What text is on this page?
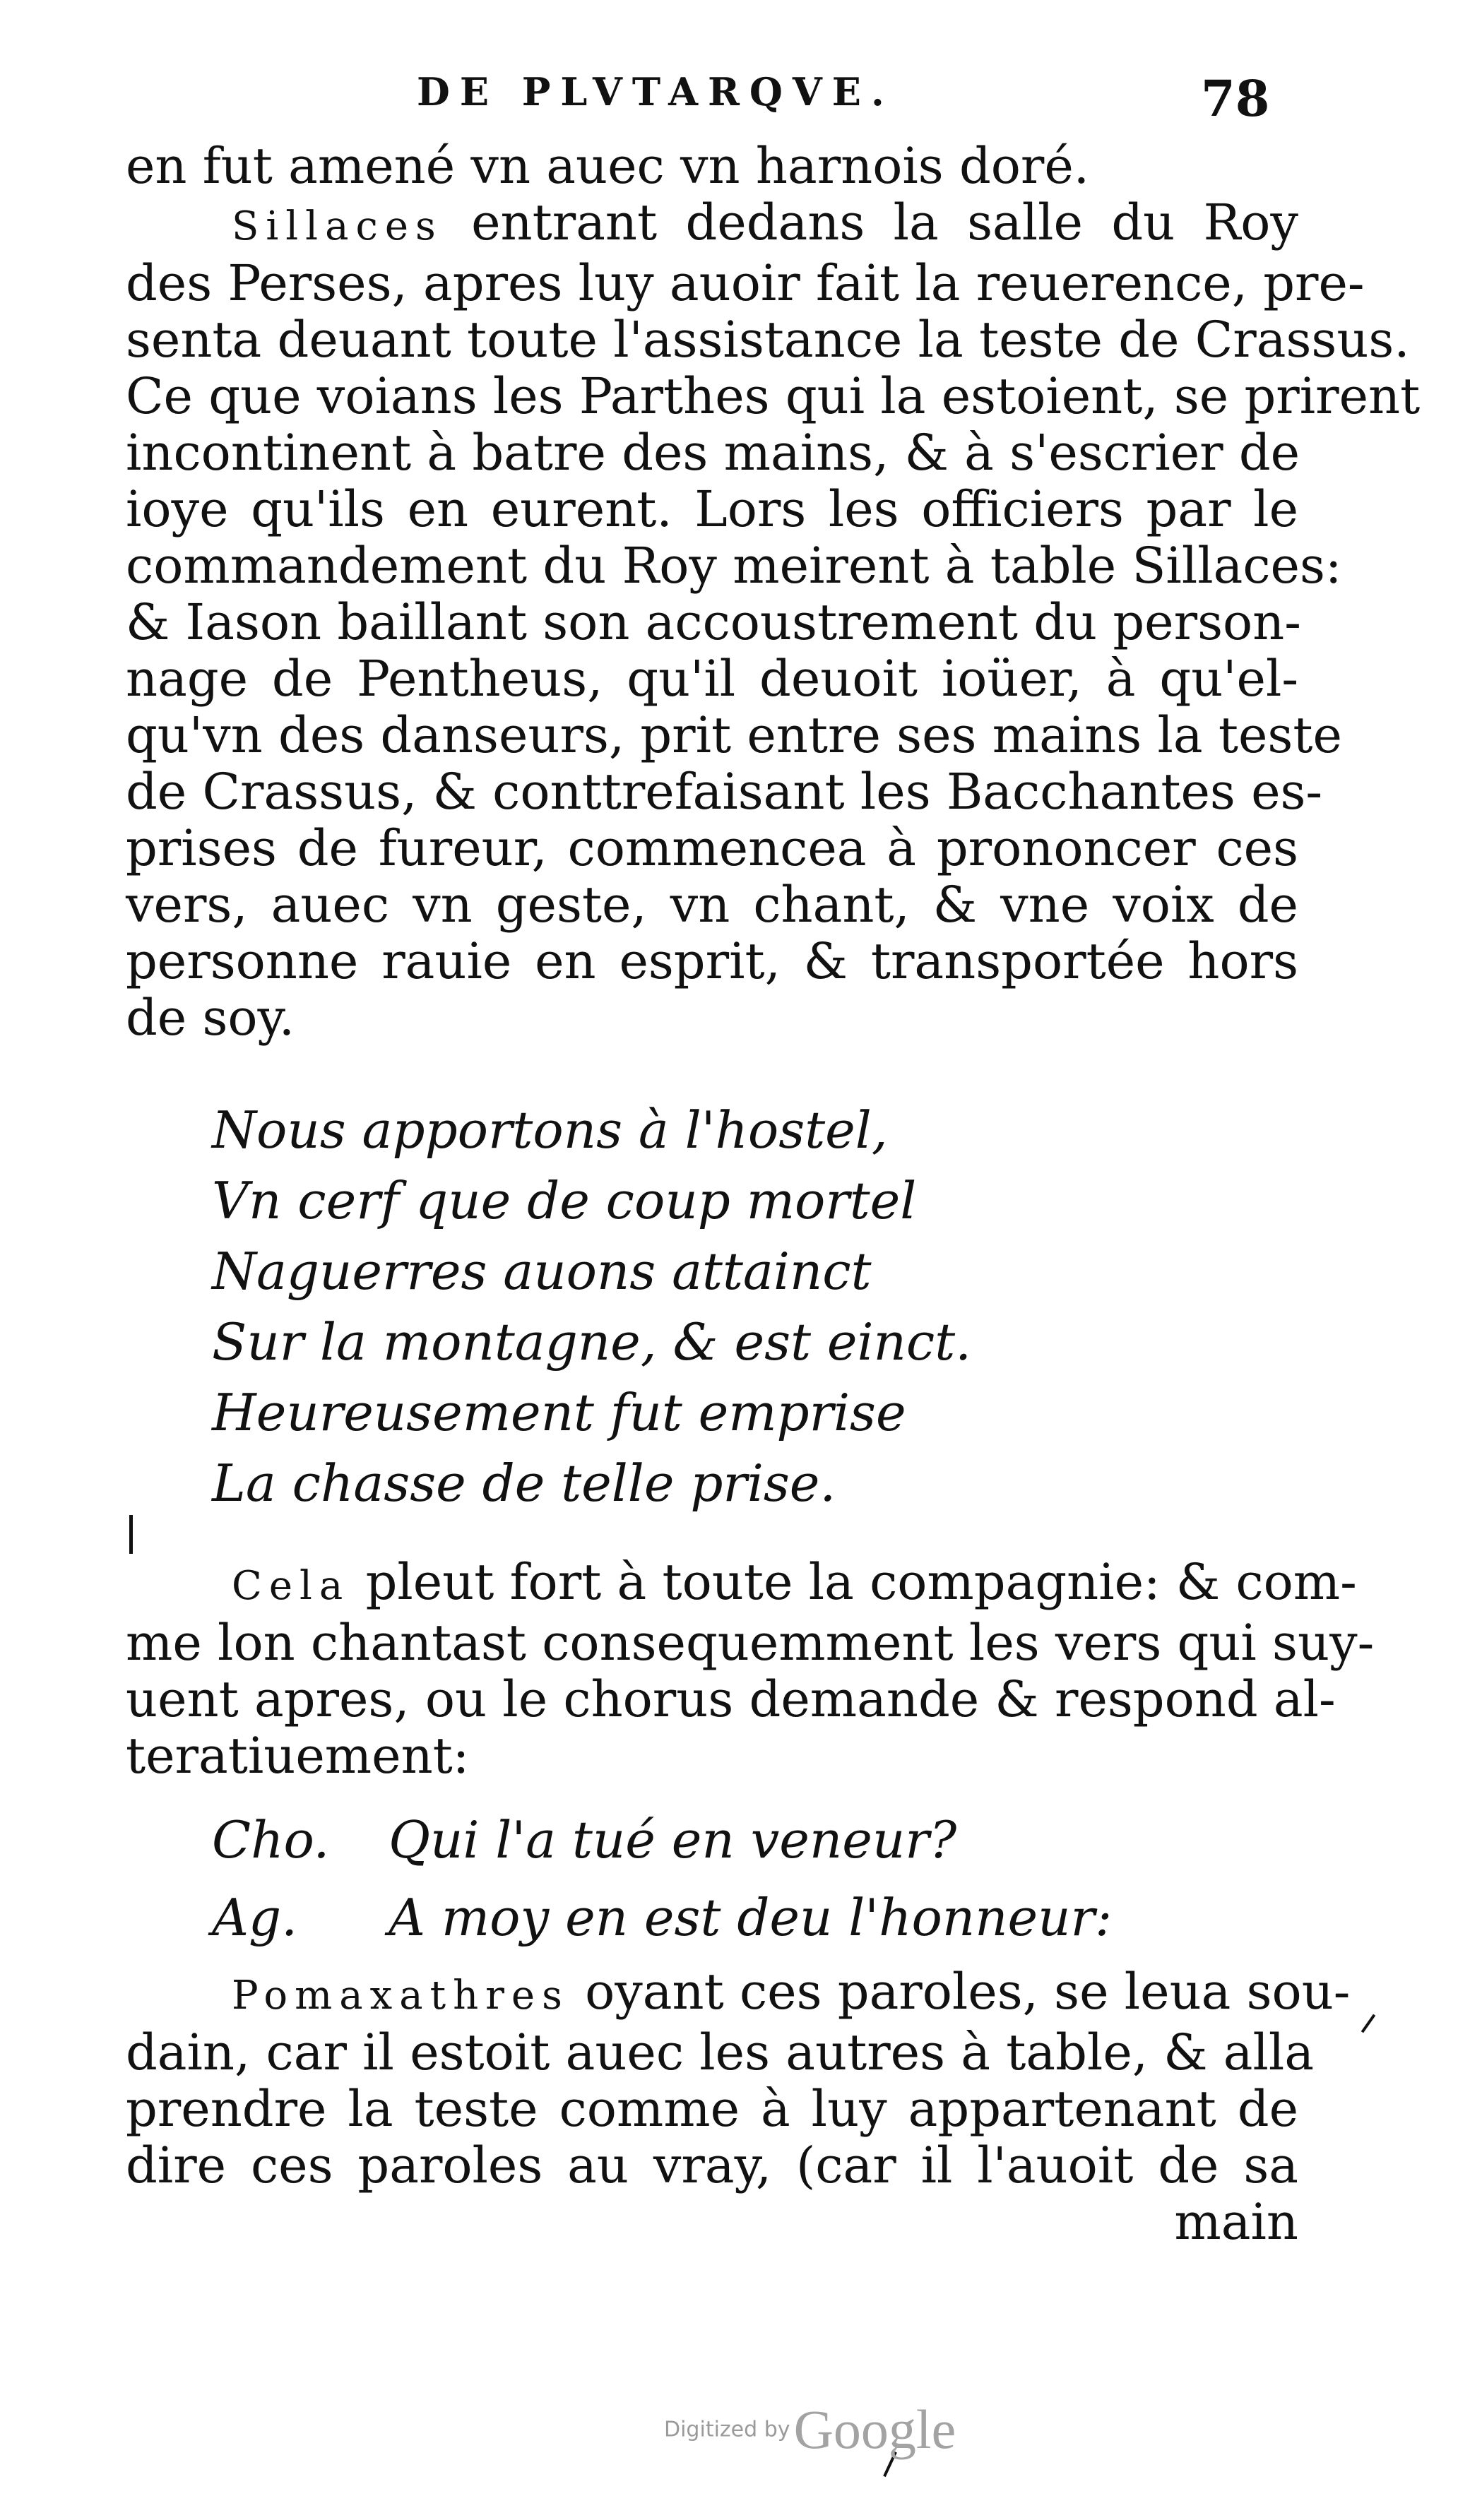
DE PLVTARQVE.	78
en fut amené vn auec vn harnois doré.
Sillaces entrant dedans la salle du Roy
des Perses, apres luy auoir fait la reuerence, pre-
senta deuant toute l'assistance la teste de Crassus.
Ce que voians les Parthes qui la estoient, se prirent
incontinent à batre des mains, & à s'escrier de
ioye qu'ils en eurent. Lors les officiers par le
commandement du Roy meirent à table Sillaces:
& Iason baillant son accoustrement du person-
nage de Pentheus, qu'il deuoit ioüer, à qu'el-
qu'vn des danseurs, prit entre ses mains la teste
de Crassus, & conttrefaisant les Bacchantes es-
prises de fureur, commencea à prononcer ces
vers, auec vn geste, vn chant, & vne voix de
personne rauie en esprit, & transportée hors
de soy.
Nous apportons à l'hostel,
Vn cerf que de coup mortel
Naguerres auons attainct
Sur la montagne, & est einct.
Heureusement fut emprise
La chasse de telle prise.
Cela pleut fort à toute la compagnie: & com-
me lon chantast consequemment les vers qui suy-
uent apres, ou le chorus demande & respond al-
teratiuement:
Cho. Qui l'a tué en veneur?
Ag. A moy en est deu l'honneur:
Pomaxathres oyant ces paroles, se leua sou-
dain, car il estoit auec les autres à table, & alla
prendre la teste comme à luy appartenant de
dire ces paroles au vray, (car il l'auoit de sa
main
Digitized by Google
